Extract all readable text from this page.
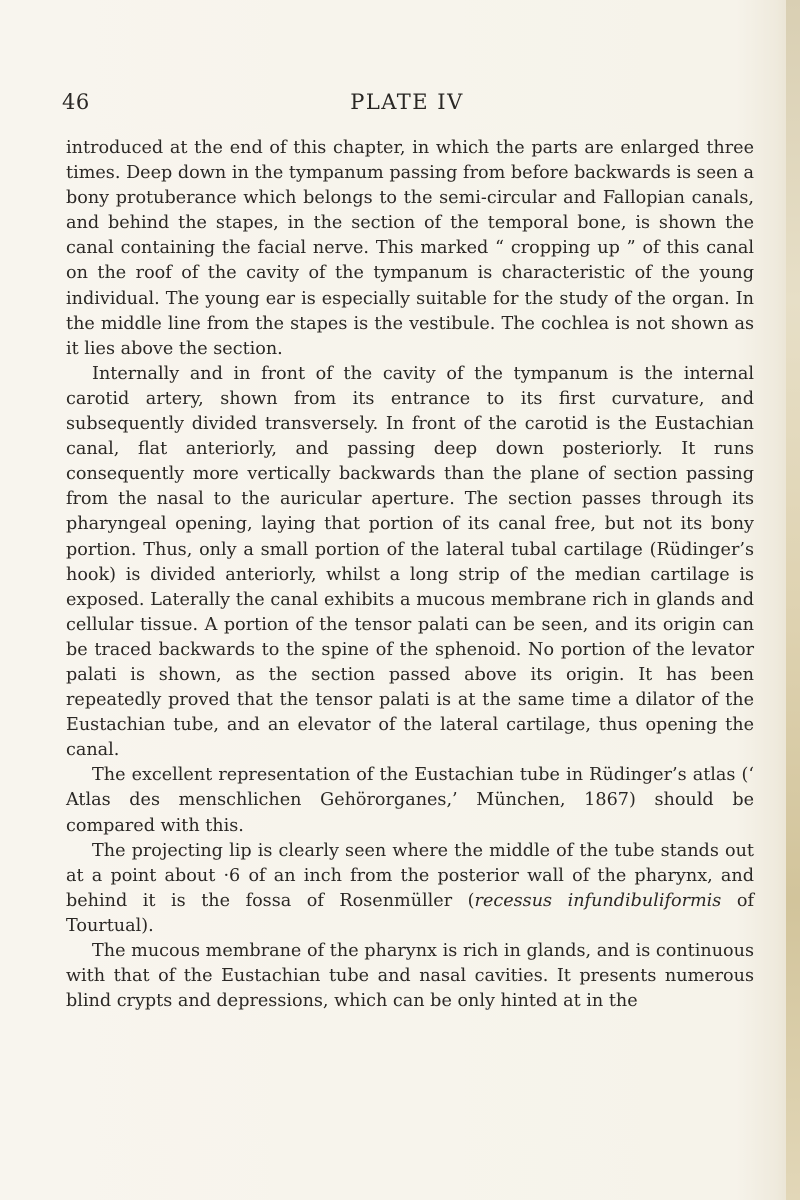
46	PLATE IV

introduced at the end of this chapter, in which the parts are enlarged three times. Deep down in the tympanum passing from before backwards is seen a bony protuberance which belongs to the semi-circular and Fallopian canals, and behind the stapes, in the section of the temporal bone, is shown the canal containing the facial nerve. This marked “ cropping up ” of this canal on the roof of the cavity of the tympanum is characteristic of the young individual. The young ear is especially suitable for the study of the organ. In the middle line from the stapes is the vestibule. The cochlea is not shown as it lies above the section.

Internally and in front of the cavity of the tympanum is the internal carotid artery, shown from its entrance to its first curvature, and subsequently divided transversely. In front of the carotid is the Eustachian canal, flat anteriorly, and passing deep down posteriorly. It runs consequently more vertically backwards than the plane of section passing from the nasal to the auricular aperture. The section passes through its pharyngeal opening, laying that portion of its canal free, but not its bony portion. Thus, only a small portion of the lateral tubal cartilage (Rüdinger’s hook) is divided anteriorly, whilst a long strip of the median cartilage is exposed. Laterally the canal exhibits a mucous membrane rich in glands and cellular tissue. A portion of the tensor palati can be seen, and its origin can be traced backwards to the spine of the sphenoid. No portion of the levator palati is shown, as the section passed above its origin. It has been repeatedly proved that the tensor palati is at the same time a dilator of the Eustachian tube, and an elevator of the lateral cartilage, thus opening the canal.

The excellent representation of the Eustachian tube in Rüdinger’s atlas (‘ Atlas des menschlichen Gehörorganes,’ München, 1867) should be compared with this.

The projecting lip is clearly seen where the middle of the tube stands out at a point about ·6 of an inch from the posterior wall of the pharynx, and behind it is the fossa of Rosenmüller (recessus infundibuliformis of Tourtual).

The mucous membrane of the pharynx is rich in glands, and is continuous with that of the Eustachian tube and nasal cavities. It presents numerous blind crypts and depressions, which can be only hinted at in the
